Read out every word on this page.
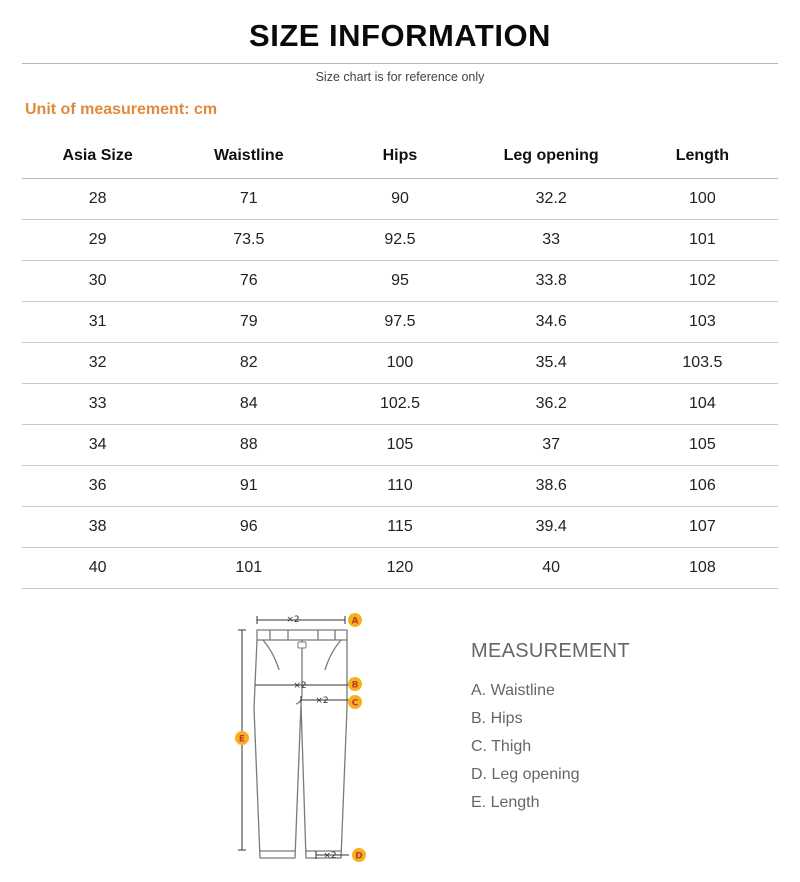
SIZE INFORMATION
Size chart is for reference only
Unit of measurement: cm
Asia Size	Waistline	Hips	Leg opening	Length
28	71	90	32.2	100
29	73.5	92.5	33	101
30	76	95	33.8	102
31	79	97.5	34.6	103
32	82	100	35.4	103.5
33	84	102.5	36.2	104
34	88	105	37	105
36	91	110	38.6	106
38	96	115	39.4	107
40	101	120	40	108
×2
×2
×2
×2
A
B
C
D
E
MEASUREMENT
A. Waistline
B. Hips
C. Thigh
D. Leg opening
E. Length
